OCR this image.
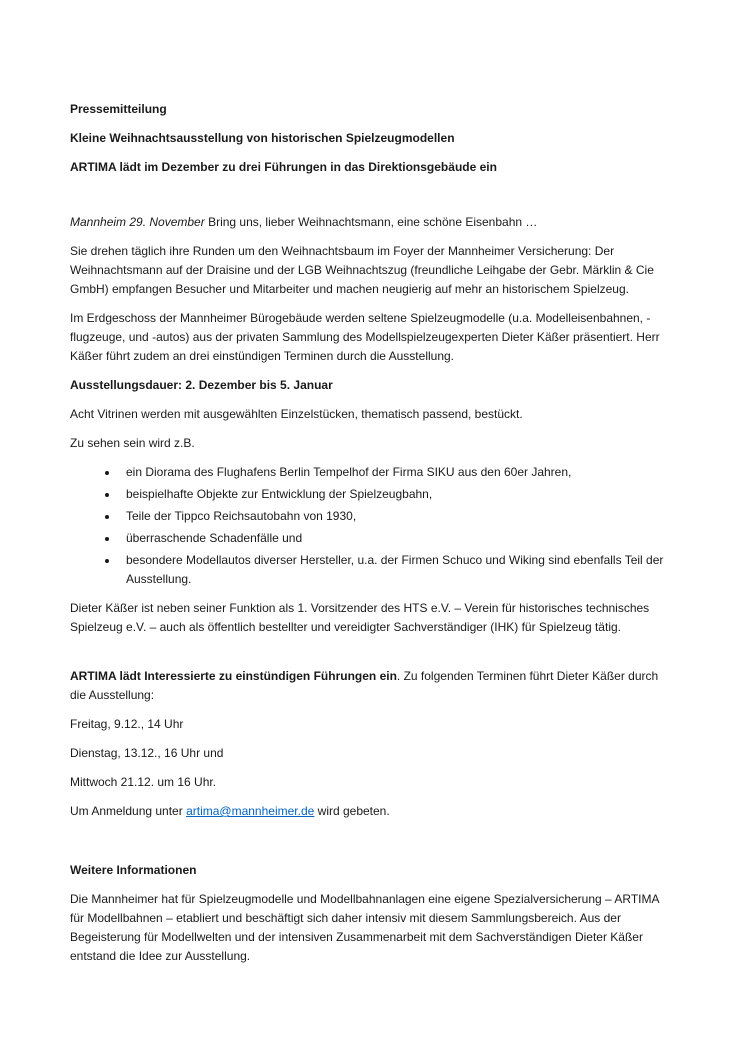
Pressemitteilung

Kleine Weihnachtsausstellung von historischen Spielzeugmodellen

ARTIMA lädt im Dezember zu drei Führungen in das Direktionsgebäude ein

Mannheim 29. November Bring uns, lieber Weihnachtsmann, eine schöne Eisenbahn …

Sie drehen täglich ihre Runden um den Weihnachtsbaum im Foyer der Mannheimer Versicherung: Der Weihnachtsmann auf der Draisine und der LGB Weihnachtszug (freundliche Leihgabe der Gebr. Märklin & Cie GmbH) empfangen Besucher und Mitarbeiter und machen neugierig auf mehr an historischem Spielzeug.

Im Erdgeschoss der Mannheimer Bürogebäude werden seltene Spielzeugmodelle (u.a. Modelleisenbahnen, -flugzeuge, und -autos) aus der privaten Sammlung des Modellspielzeugexperten Dieter Käßer präsentiert. Herr Käßer führt zudem an drei einstündigen Terminen durch die Ausstellung.

Ausstellungsdauer: 2. Dezember bis 5. Januar

Acht Vitrinen werden mit ausgewählten Einzelstücken, thematisch passend, bestückt.

Zu sehen sein wird z.B.

• ein Diorama des Flughafens Berlin Tempelhof der Firma SIKU aus den 60er Jahren,
• beispielhafte Objekte zur Entwicklung der Spielzeugbahn,
• Teile der Tippco Reichsautobahn von 1930,
• überraschende Schadenfälle und
• besondere Modellautos diverser Hersteller, u.a. der Firmen Schuco und Wiking sind ebenfalls Teil der Ausstellung.

Dieter Käßer ist neben seiner Funktion als 1. Vorsitzender des HTS e.V. – Verein für historisches technisches Spielzeug e.V. – auch als öffentlich bestellter und vereidigter Sachverständiger (IHK) für Spielzeug tätig.

ARTIMA lädt Interessierte zu einstündigen Führungen ein. Zu folgenden Terminen führt Dieter Käßer durch die Ausstellung:

Freitag, 9.12., 14 Uhr

Dienstag, 13.12., 16 Uhr und

Mittwoch 21.12. um 16 Uhr.

Um Anmeldung unter artima@mannheimer.de wird gebeten.

Weitere Informationen

Die Mannheimer hat für Spielzeugmodelle und Modellbahnanlagen eine eigene Spezialversicherung – ARTIMA für Modellbahnen – etabliert und beschäftigt sich daher intensiv mit diesem Sammlungsbereich. Aus der Begeisterung für Modellwelten und der intensiven Zusammenarbeit mit dem Sachverständigen Dieter Käßer entstand die Idee zur Ausstellung.
